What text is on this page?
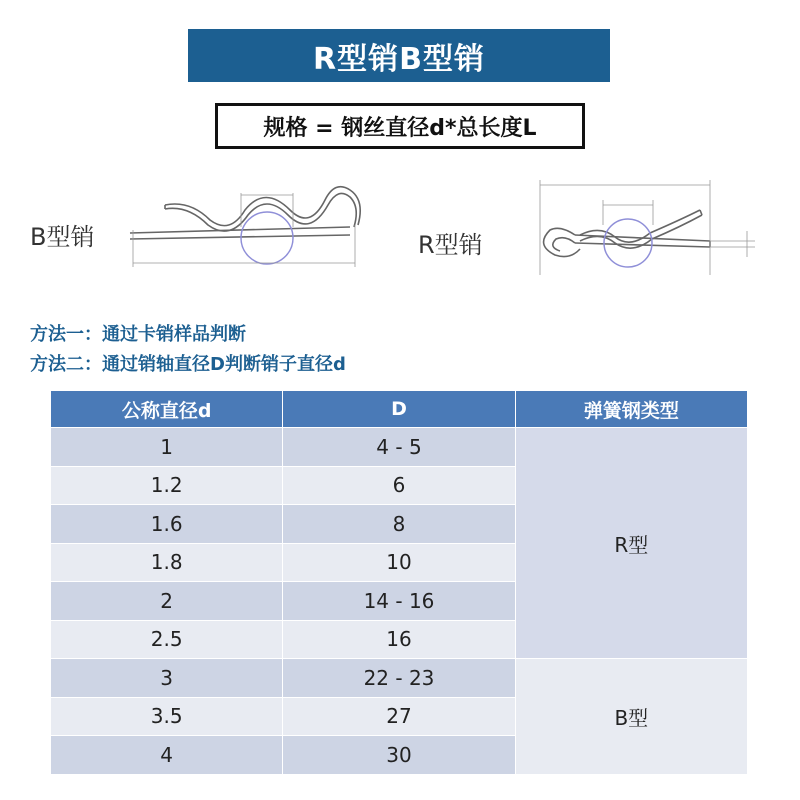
R型销B型销
规格 = 钢丝直径d*总长度L
B型销	R型销
方法一：通过卡销样品判断
方法二：通过销轴直径D判断销子直径d
公称直径d	D	弹簧钢类型
1	4 - 5	R型
1.2	6	
1.6	8	
1.8	10	
2	14 - 16	
2.5	16	
3	22 - 23	B型
3.5	27	
4	30	
